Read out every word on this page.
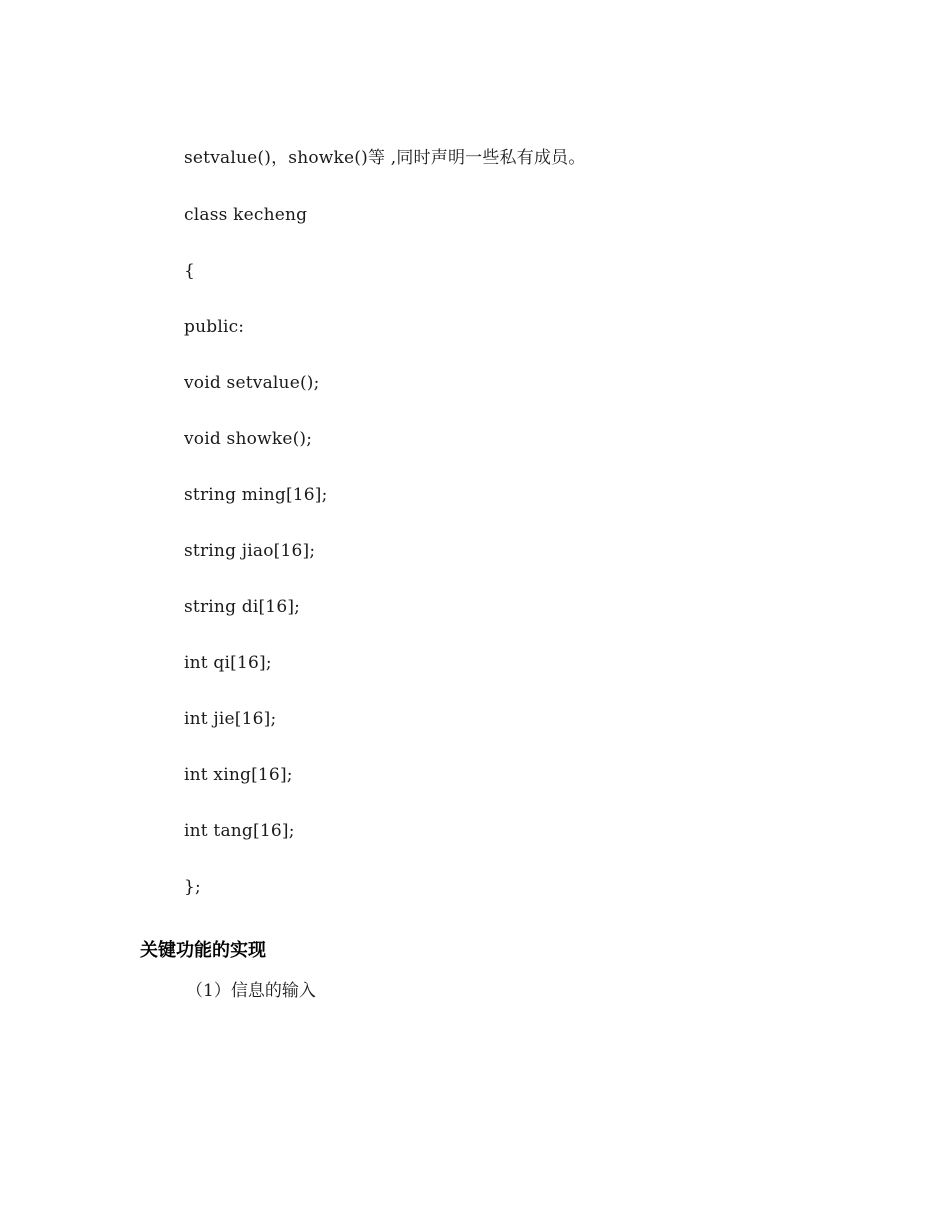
setvalue()，showke()等 ,同时声明一些私有成员。
class kecheng
{
public:
void setvalue();
void showke();
string ming[16];
string jiao[16];
string di[16];
int qi[16];
int jie[16];
int xing[16];
int tang[16];
};
关键功能的实现
（1）信息的输入
